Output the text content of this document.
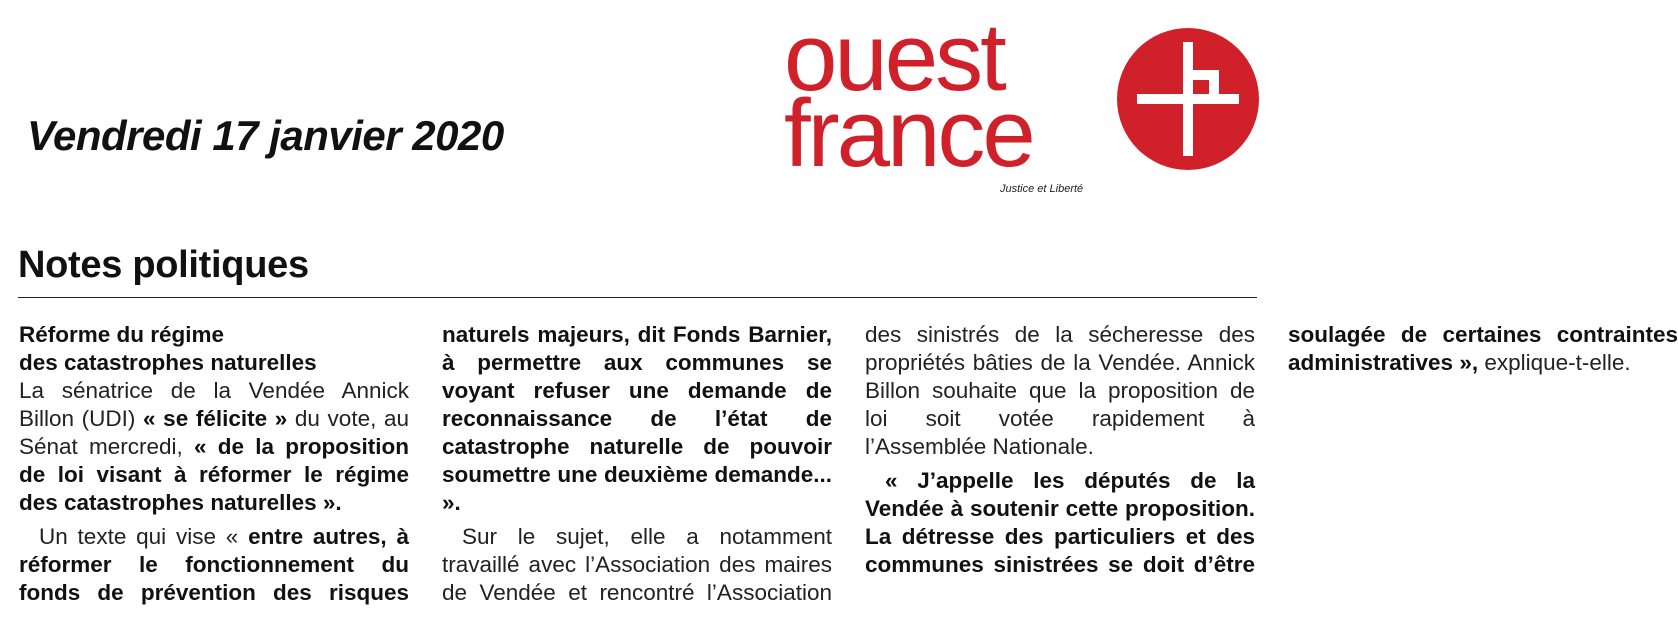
Vendredi 17 janvier 2020
ouest
france
Justice et Liberté
Notes politiques

Réforme du régime
des catastrophes naturelles
La sénatrice de la Vendée Annick Billon (UDI) « se félicite » du vote, au Sénat mercredi, « de la proposition de loi visant à réformer le régime des catastrophes naturelles ».

Un texte qui vise « entre autres, à réformer le fonctionnement du fonds de prévention des risques naturels majeurs, dit Fonds Barnier, à permettre aux communes se voyant refuser une demande de reconnaissance de l’état de catastrophe naturelle de pouvoir soumettre une deuxième demande... ».

Sur le sujet, elle a notamment travaillé avec l’Association des maires de Vendée et rencontré l’Association des sinistrés de la sécheresse des propriétés bâties de la Vendée. Annick Billon souhaite que la proposition de loi soit votée rapidement à l’Assemblée Nationale.

« J’appelle les députés de la Vendée à soutenir cette proposition. La détresse des particuliers et des communes sinistrées se doit d’être soulagée de certaines contraintes administratives », explique-t-elle.
